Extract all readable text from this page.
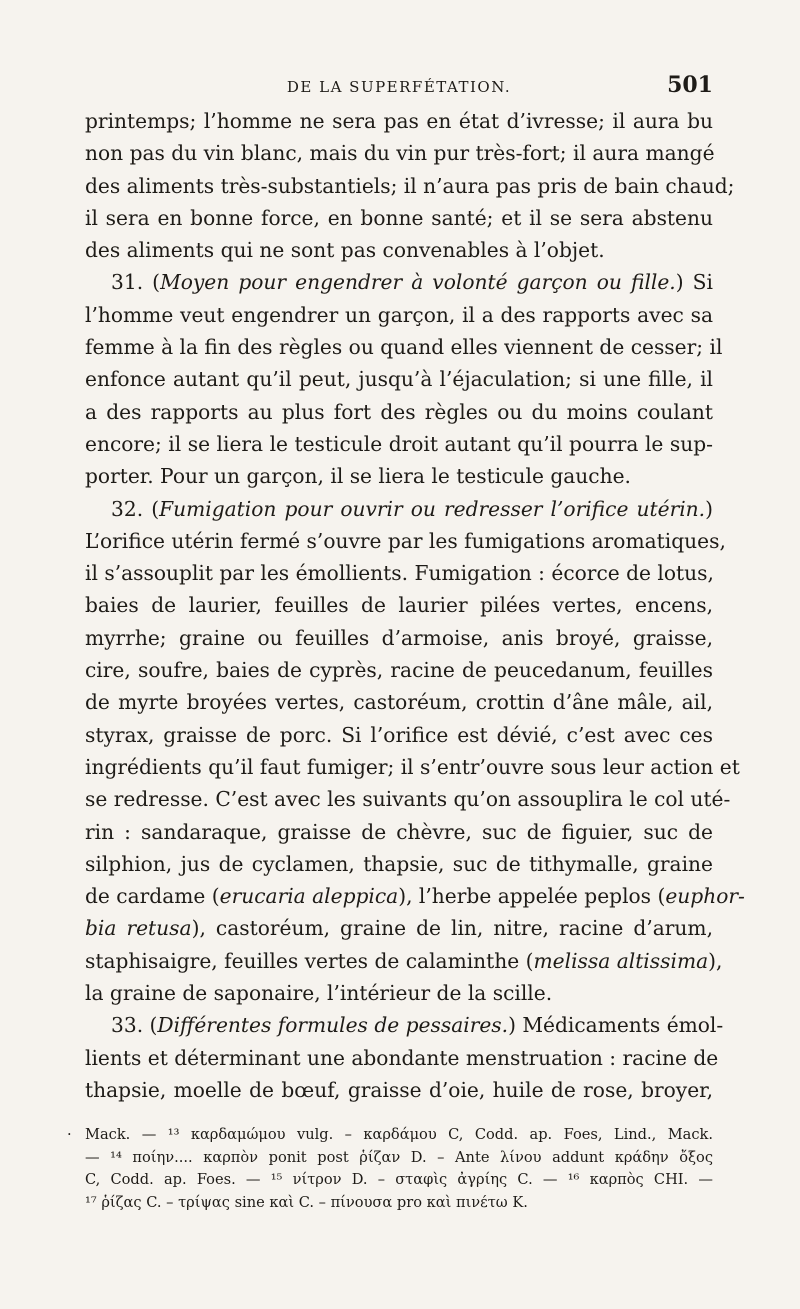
DE LA SUPERFÉTATION.	501
printemps; l’homme ne sera pas en état d’ivresse; il aura bu
non pas du vin blanc, mais du vin pur très-fort; il aura mangé
des aliments très-substantiels; il n’aura pas pris de bain chaud;
il sera en bonne force, en bonne santé; et il se sera abstenu
des aliments qui ne sont pas convenables à l’objet.
31. (Moyen pour engendrer à volonté garçon ou fille.) Si
l’homme veut engendrer un garçon, il a des rapports avec sa
femme à la fin des règles ou quand elles viennent de cesser; il
enfonce autant qu’il peut, jusqu’à l’éjaculation; si une fille, il
a des rapports au plus fort des règles ou du moins coulant
encore; il se liera le testicule droit autant qu’il pourra le sup-
porter. Pour un garçon, il se liera le testicule gauche.
32. (Fumigation pour ouvrir ou redresser l’orifice utérin.)
L’orifice utérin fermé s’ouvre par les fumigations aromatiques,
il s’assouplit par les émollients. Fumigation : écorce de lotus,
baies de laurier, feuilles de laurier pilées vertes, encens,
myrrhe; graine ou feuilles d’armoise, anis broyé, graisse,
cire, soufre, baies de cyprès, racine de peucedanum, feuilles
de myrte broyées vertes, castoréum, crottin d’âne mâle, ail,
styrax, graisse de porc. Si l’orifice est dévié, c’est avec ces
ingrédients qu’il faut fumiger; il s’entr’ouvre sous leur action et
se redresse. C’est avec les suivants qu’on assouplira le col uté-
rin : sandaraque, graisse de chèvre, suc de figuier, suc de
silphion, jus de cyclamen, thapsie, suc de tithymalle, graine
de cardame (erucaria aleppica), l’herbe appelée peplos (euphor-
bia retusa), castoréum, graine de lin, nitre, racine d’arum,
staphisaigre, feuilles vertes de calaminthe (melissa altissima),
la graine de saponaire, l’intérieur de la scille.
33. (Différentes formules de pessaires.) Médicaments émol-
lients et déterminant une abondante menstruation : racine de
thapsie, moelle de bœuf, graisse d’oie, huile de rose, broyer,
· Mack. — ¹³ καρδαμώμου vulg. – καρδάμου C, Codd. ap. Foes, Lind., Mack.
— ¹⁴ ποίην.... καρπὸν ponit post ῥίζαν D. – Ante λίνου addunt κράδην ὄξος
C, Codd. ap. Foes. — ¹⁵ νίτρον D. – σταφὶς ἀγρίης C. — ¹⁶ καρπὸς CHI. —
¹⁷ ῥίζας C. – τρίψας sine καὶ C. – πίνουσα pro καὶ πινέτω K.
